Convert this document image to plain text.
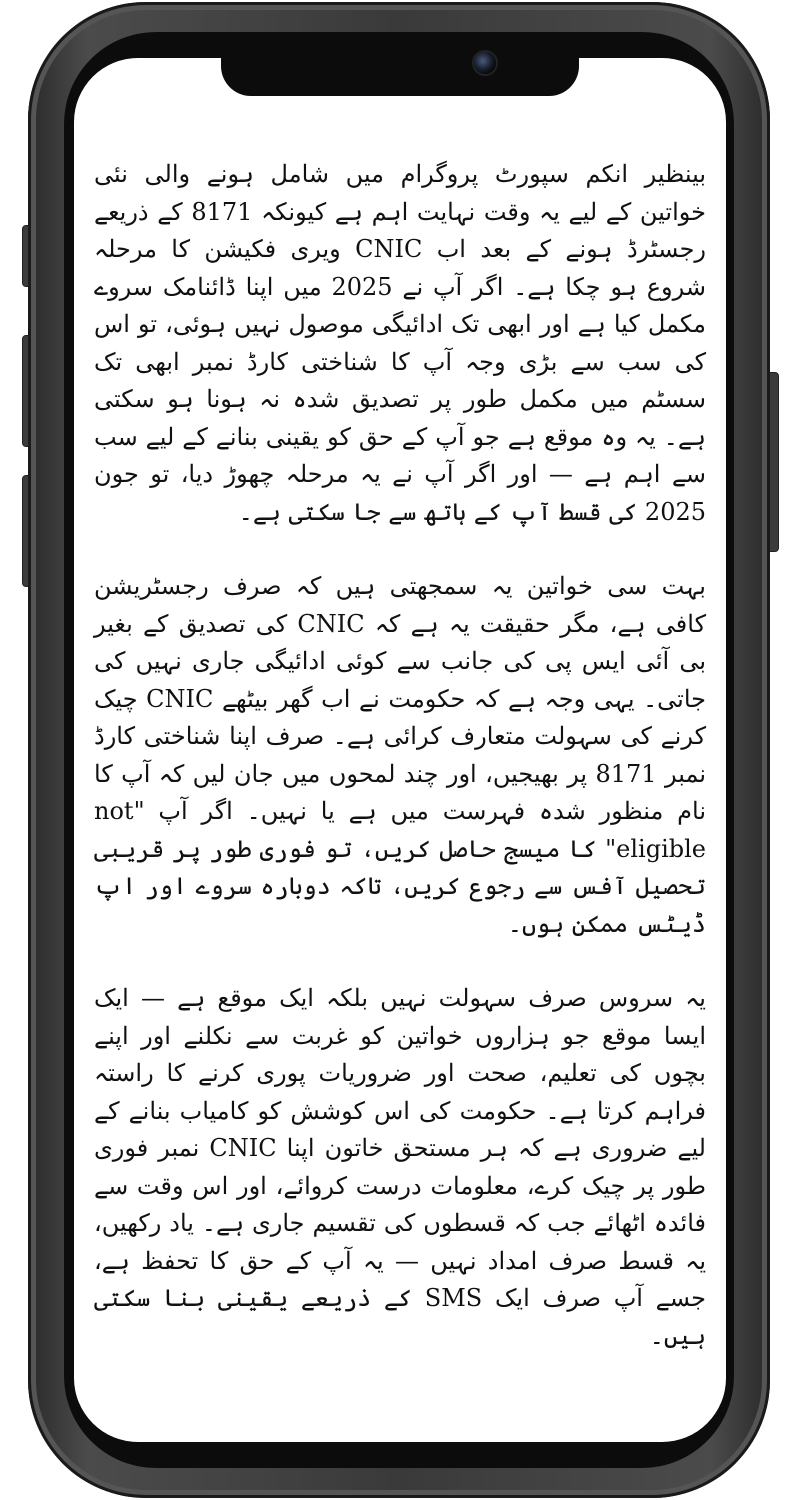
بینظیر انکم سپورٹ پروگرام میں شامل ہونے والی نئی خواتین کے لیے یہ وقت نہایت اہم ہے کیونکہ 8171 کے ذریعے رجسٹرڈ ہونے کے بعد اب CNIC ویری فکیشن کا مرحلہ شروع ہو چکا ہے۔ اگر آپ نے 2025 میں اپنا ڈائنامک سروے مکمل کیا ہے اور ابھی تک ادائیگی موصول نہیں ہوئی، تو اس کی سب سے بڑی وجہ آپ کا شناختی کارڈ نمبر ابھی تک سسٹم میں مکمل طور پر تصدیق شدہ نہ ہونا ہو سکتی ہے۔ یہ وہ موقع ہے جو آپ کے حق کو یقینی بنانے کے لیے سب سے اہم ہے — اور اگر آپ نے یہ مرحلہ چھوڑ دیا، تو جون 2025 کی قسط آپ کے ہاتھ سے جا سکتی ہے۔

بہت سی خواتین یہ سمجھتی ہیں کہ صرف رجسٹریشن کافی ہے، مگر حقیقت یہ ہے کہ CNIC کی تصدیق کے بغیر بی آئی ایس پی کی جانب سے کوئی ادائیگی جاری نہیں کی جاتی۔ یہی وجہ ہے کہ حکومت نے اب گھر بیٹھے CNIC چیک کرنے کی سہولت متعارف کرائی ہے۔ صرف اپنا شناختی کارڈ نمبر 8171 پر بھیجیں، اور چند لمحوں میں جان لیں کہ آپ کا نام منظور شدہ فہرست میں ہے یا نہیں۔ اگر آپ "not eligible" کا میسج حاصل کریں، تو فوری طور پر قریبی تحصیل آفس سے رجوع کریں، تاکہ دوبارہ سروے اور اپ ڈیٹس ممکن ہوں۔

یہ سروس صرف سہولت نہیں بلکہ ایک موقع ہے — ایک ایسا موقع جو ہزاروں خواتین کو غربت سے نکلنے اور اپنے بچوں کی تعلیم، صحت اور ضروریات پوری کرنے کا راستہ فراہم کرتا ہے۔ حکومت کی اس کوشش کو کامیاب بنانے کے لیے ضروری ہے کہ ہر مستحق خاتون اپنا CNIC نمبر فوری طور پر چیک کرے، معلومات درست کروائے، اور اس وقت سے فائدہ اٹھائے جب کہ قسطوں کی تقسیم جاری ہے۔ یاد رکھیں، یہ قسط صرف امداد نہیں — یہ آپ کے حق کا تحفظ ہے، جسے آپ صرف ایک SMS کے ذریعے یقینی بنا سکتی ہیں۔
